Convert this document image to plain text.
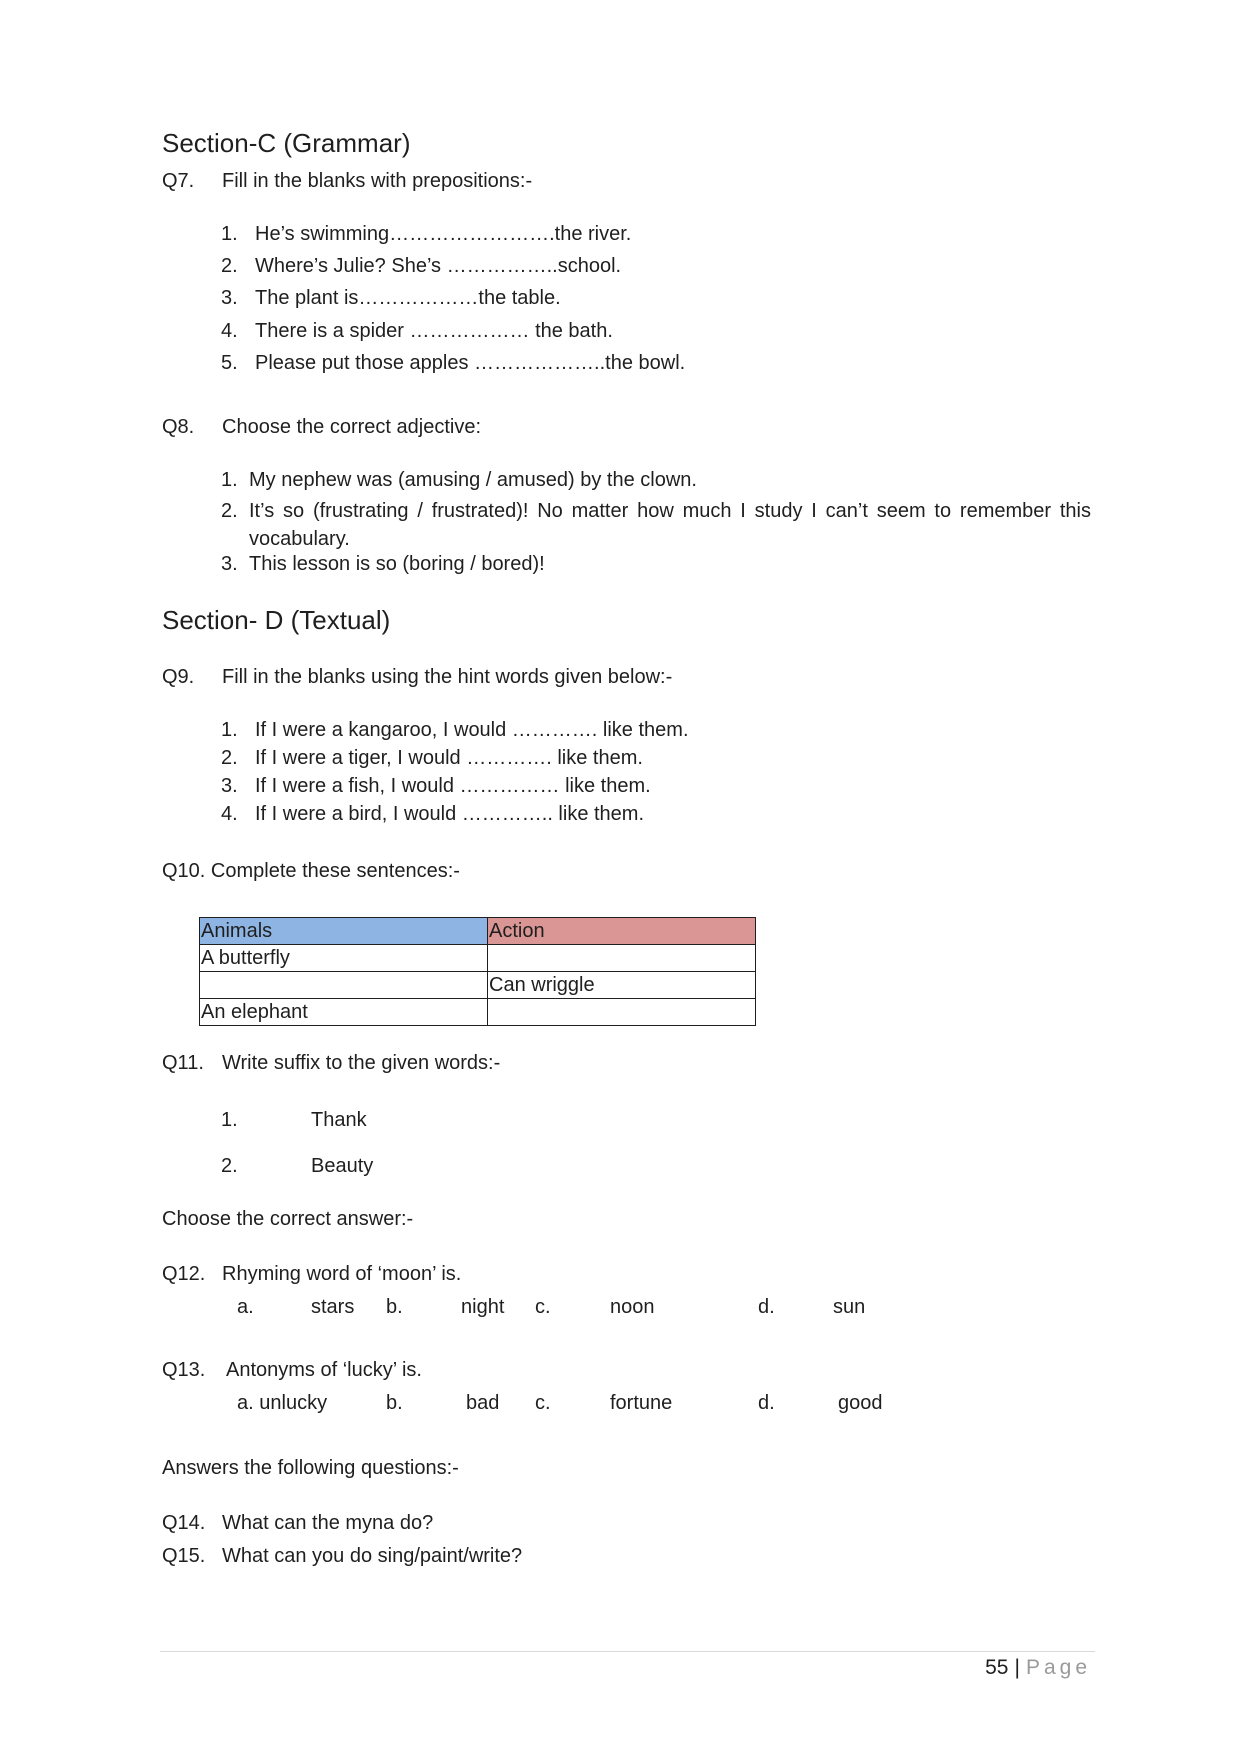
Section-C (Grammar)
Q7. Fill in the blanks with prepositions:-
1. He’s swimming…………………….the river.
2. Where’s Julie? She’s ……………..school.
3. The plant is………………the table.
4. There is a spider ……………… the bath.
5. Please put those apples ………………..the bowl.
Q8. Choose the correct adjective:
1. My nephew was (amusing / amused) by the clown.
2. It’s so (frustrating / frustrated)! No matter how much I study I can’t seem to remember this vocabulary.
3. This lesson is so (boring / bored)!
Section- D (Textual)
Q9. Fill in the blanks using the hint words given below:-
1. If I were a kangaroo, I would …………. like them.
2. If I were a tiger, I would …………. like them.
3. If I were a fish, I would …………… like them.
4. If I were a bird, I would ………….. like them.
Q10. Complete these sentences:-
Animals	Action
A butterfly	
	Can wriggle
An elephant	
Q11. Write suffix to the given words:-
1.	Thank
2.	Beauty
Choose the correct answer:-
Q12. Rhyming word of ‘moon’ is.
a.	stars b.	night c.	noon	d.	sun
Q13. Antonyms of ‘lucky’ is.
a. unlucky	b.	bad c.	fortune	d.	good
Answers the following questions:-
Q14. What can the myna do?
Q15. What can you do sing/paint/write?
55 | Page
